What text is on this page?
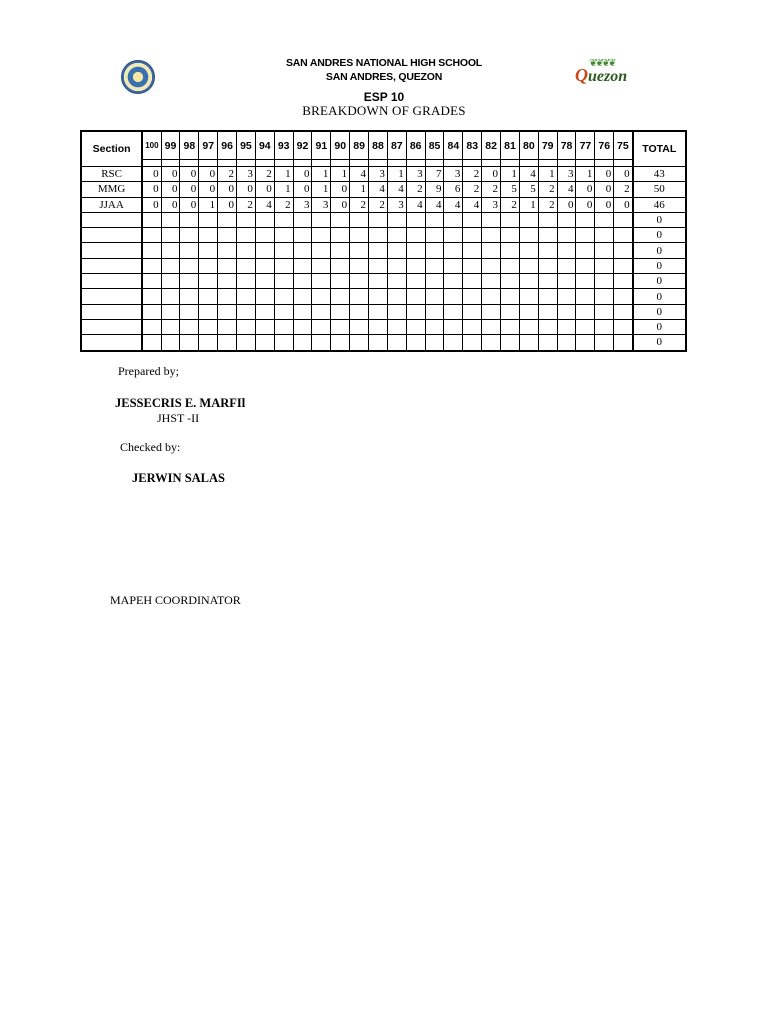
❦❦❦❦
Quezon
SAN ANDRES NATIONAL HIGH SCHOOL
SAN ANDRES, QUEZON
ESP 10
BREAKDOWN OF GRADES
Section	100	99	98	97	96	95	94	93	92	91	90	89	88	87	86	85	84	83	82	81	80	79	78	77	76	75	TOTAL

RSC	0	0	0	0	2	3	2	1	0	1	1	4	3	1	3	7	3	2	0	1	4	1	3	1	0	0	43
MMG	0	0	0	0	0	0	0	1	0	1	0	1	4	4	2	9	6	2	2	5	5	2	4	0	0	2	50
JJAA	0	0	0	1	0	2	4	2	3	3	0	2	2	3	4	4	4	4	3	2	1	2	0	0	0	0	46
																											0
																											0
																											0
																											0
																											0
																											0
																											0
																											0
																											0
Prepared by;
JESSECRIS E. MARFIl
JHST -II
Checked by:
JERWIN SALAS
MAPEH COORDINATOR
